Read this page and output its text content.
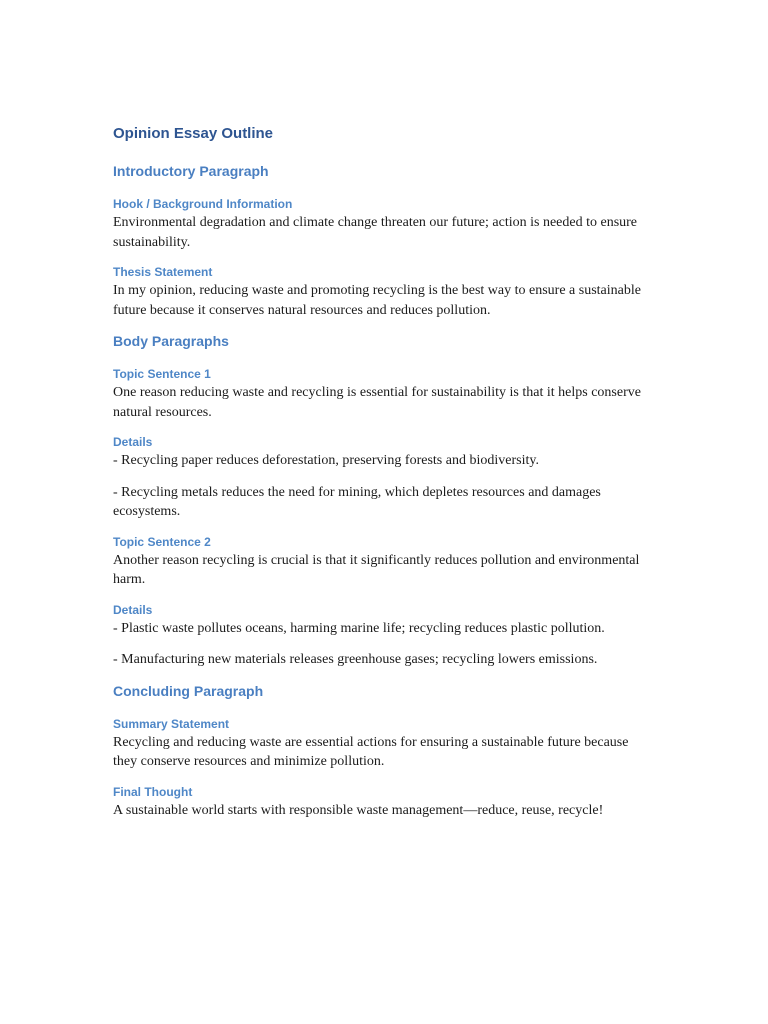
Opinion Essay Outline
Introductory Paragraph
Hook / Background Information

Environmental degradation and climate change threaten our future; action is needed to ensure sustainability.

Thesis Statement

In my opinion, reducing waste and promoting recycling is the best way to ensure a sustainable future because it conserves natural resources and reduces pollution.

Body Paragraphs
Topic Sentence 1

One reason reducing waste and recycling is essential for sustainability is that it helps conserve natural resources.

Details

- Recycling paper reduces deforestation, preserving forests and biodiversity.

- Recycling metals reduces the need for mining, which depletes resources and damages ecosystems.

Topic Sentence 2

Another reason recycling is crucial is that it significantly reduces pollution and environmental harm.

Details

- Plastic waste pollutes oceans, harming marine life; recycling reduces plastic pollution.

- Manufacturing new materials releases greenhouse gases; recycling lowers emissions.

Concluding Paragraph
Summary Statement

Recycling and reducing waste are essential actions for ensuring a sustainable future because they conserve resources and minimize pollution.

Final Thought

A sustainable world starts with responsible waste management—reduce, reuse, recycle!
